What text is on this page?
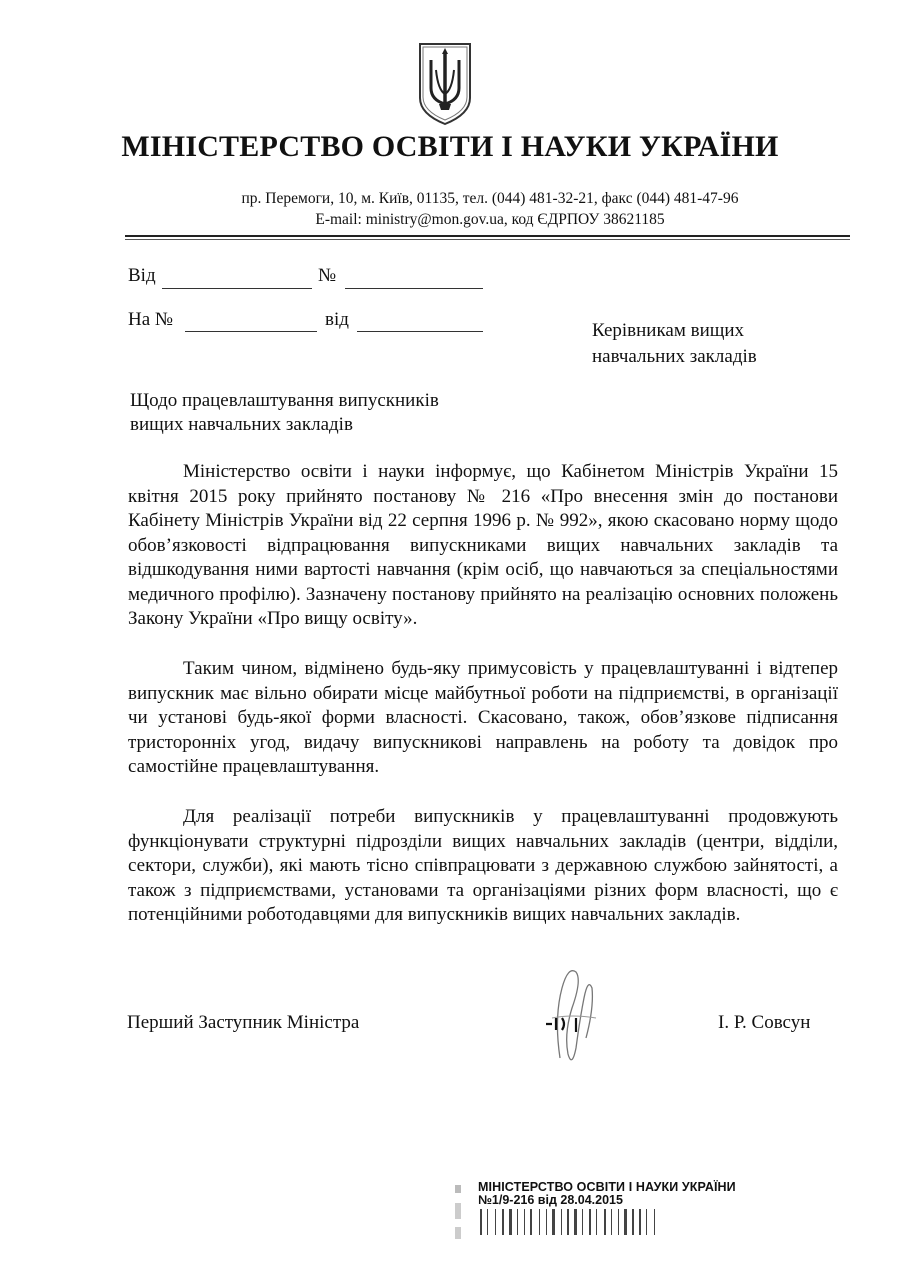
МІНІСТЕРСТВО ОСВІТИ І НАУКИ УКРАЇНИ
пр. Перемоги, 10, м. Київ, 01135, тел. (044) 481-32-21, факс (044) 481-47-96
E-mail: ministry@mon.gov.ua, код ЄДРПОУ 38621185
Від	№
На №	від
Керівникам вищих
навчальних закладів
Щодо працевлаштування випускників
вищих навчальних закладів
Міністерство освіти і науки інформує, що Кабінетом Міністрів України 15 квітня 2015 року прийнято постанову № 216 «Про внесення змін до постанови Кабінету Міністрів України від 22 серпня 1996 р. № 992», якою скасовано норму щодо обов’язковості відпрацювання випускниками вищих навчальних закладів та відшкодування ними вартості навчання (крім осіб, що навчаються за спеціальностями медичного профілю). Зазначену постанову прийнято на реалізацію основних положень Закону України «Про вищу освіту».
Таким чином, відмінено будь-яку примусовість у працевлаштуванні і відтепер випускник має вільно обирати місце майбутньої роботи на підприємстві, в організації чи установі будь-якої форми власності. Скасовано, також, обов’язкове підписання тристоронніх угод, видачу випускникові направлень на роботу та довідок про самостійне працевлаштування.
Для реалізації потреби випускників у працевлаштуванні продовжують функціонувати структурні підрозділи вищих навчальних закладів (центри, відділи, сектори, служби), які мають тісно співпрацювати з державною службою зайнятості, а також з підприємствами, установами та організаціями різних форм власності, що є потенційними роботодавцями для випускників вищих навчальних закладів.
Перший Заступник Міністра	І. Р. Совсун
МІНІСТЕРСТВО ОСВІТИ І НАУКИ УКРАЇНИ
№1/9-216 від 28.04.2015
